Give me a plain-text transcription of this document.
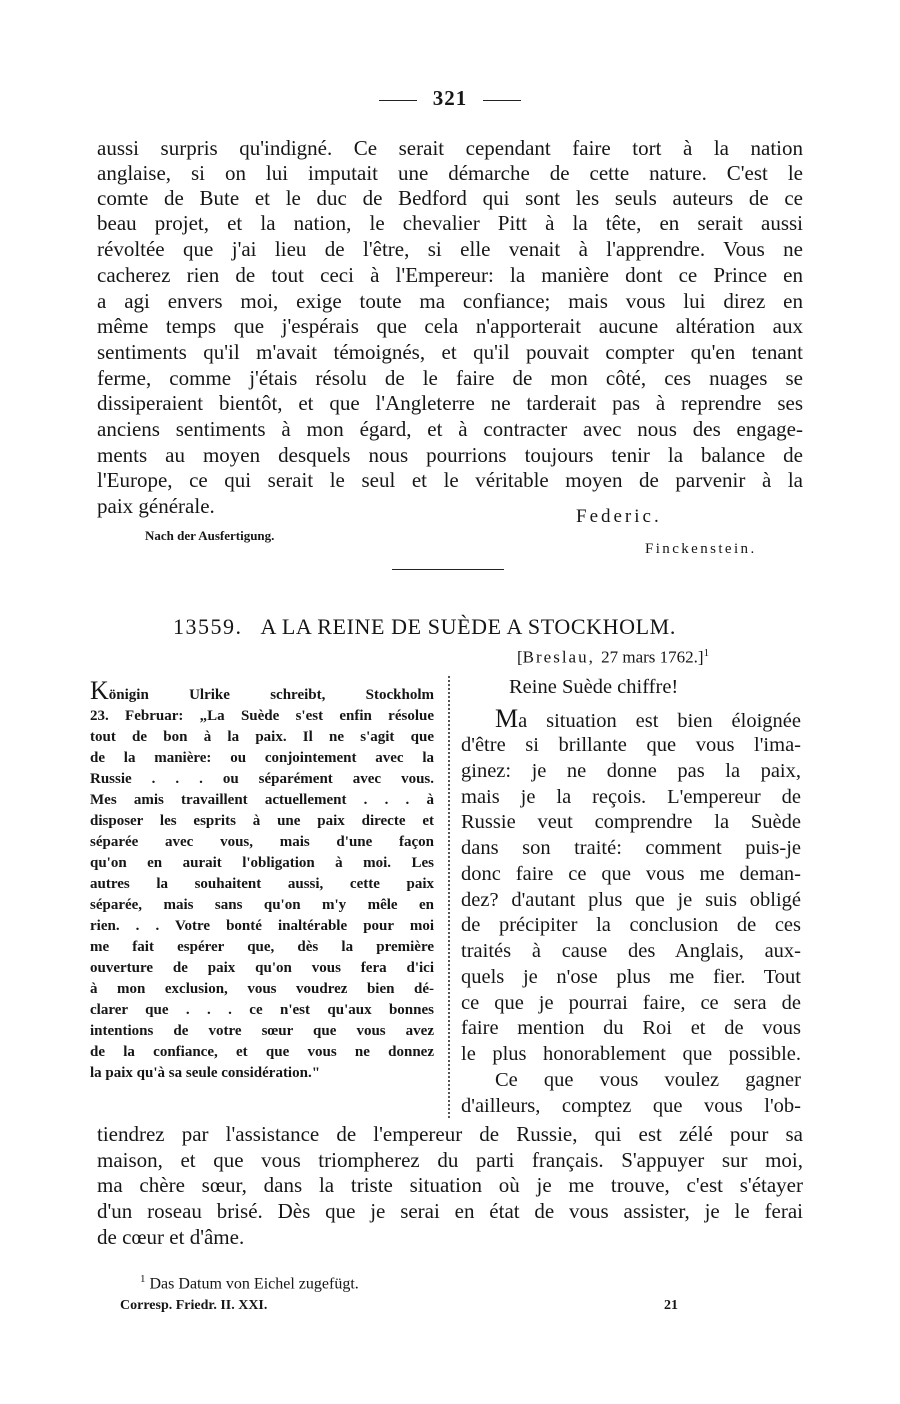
321
aussi surpris qu'indigné. Ce serait cependant faire tort à la nation
anglaise, si on lui imputait une démarche de cette nature. C'est le
comte de Bute et le duc de Bedford qui sont les seuls auteurs de ce
beau projet, et la nation, le chevalier Pitt à la tête, en serait aussi
révoltée que j'ai lieu de l'être, si elle venait à l'apprendre. Vous ne
cacherez rien de tout ceci à l'Empereur: la manière dont ce Prince en
a agi envers moi, exige toute ma confiance; mais vous lui direz en
même temps que j'espérais que cela n'apporterait aucune altération aux
sentiments qu'il m'avait témoignés, et qu'il pouvait compter qu'en tenant
ferme, comme j'étais résolu de le faire de mon côté, ces nuages se
dissiperaient bientôt, et que l'Angleterre ne tarderait pas à reprendre ses
anciens sentiments à mon égard, et à contracter avec nous des engage-
ments au moyen desquels nous pourrions toujours tenir la balance de
l'Europe, ce qui serait le seul et le véritable moyen de parvenir à la
paix générale.	Federic.
Nach der Ausfertigung.
Finckenstein.
13559. A LA REINE DE SUÈDE A STOCKHOLM.
[Breslau, 27 mars 1762.]$^1$
Reine Suède chiffre!
Königin Ulrike schreibt, Stockholm
23. Februar: „La Suède s'est enfin résolue
tout de bon à la paix. Il ne s'agit que
de la manière: ou conjointement avec la
Russie . . . ou séparément avec vous.
Mes amis travaillent actuellement . . . à
disposer les esprits à une paix directe et
séparée avec vous, mais d'une façon
qu'on en aurait l'obligation à moi. Les
autres la souhaitent aussi, cette paix
séparée, mais sans qu'on m'y mêle en
rien. . . Votre bonté inaltérable pour moi
me fait espérer que, dès la première
ouverture de paix qu'on vous fera d'ici
à mon exclusion, vous voudrez bien dé-
clarer que . . . ce n'est qu'aux bonnes
intentions de votre sœur que vous avez
de la confiance, et que vous ne donnez
la paix qu'à sa seule considération."
Ma situation est bien éloignée
d'être si brillante que vous l'ima-
ginez: je ne donne pas la paix,
mais je la reçois. L'empereur de
Russie veut comprendre la Suède
dans son traité: comment puis-je
donc faire ce que vous me deman-
dez? d'autant plus que je suis obligé
de précipiter la conclusion de ces
traités à cause des Anglais, aux-
quels je n'ose plus me fier. Tout
ce que je pourrai faire, ce sera de
faire mention du Roi et de vous
le plus honorablement que possible.
Ce que vous voulez gagner
d'ailleurs, comptez que vous l'ob-
tiendrez par l'assistance de l'empereur de Russie, qui est zélé pour sa
maison, et que vous triompherez du parti français. S'appuyer sur moi,
ma chère sœur, dans la triste situation où je me trouve, c'est s'étayer
d'un roseau brisé. Dès que je serai en état de vous assister, je le ferai
de cœur et d'âme.
$^1$ Das Datum von Eichel zugefügt.
Corresp. Friedr. II. XXI.	21
